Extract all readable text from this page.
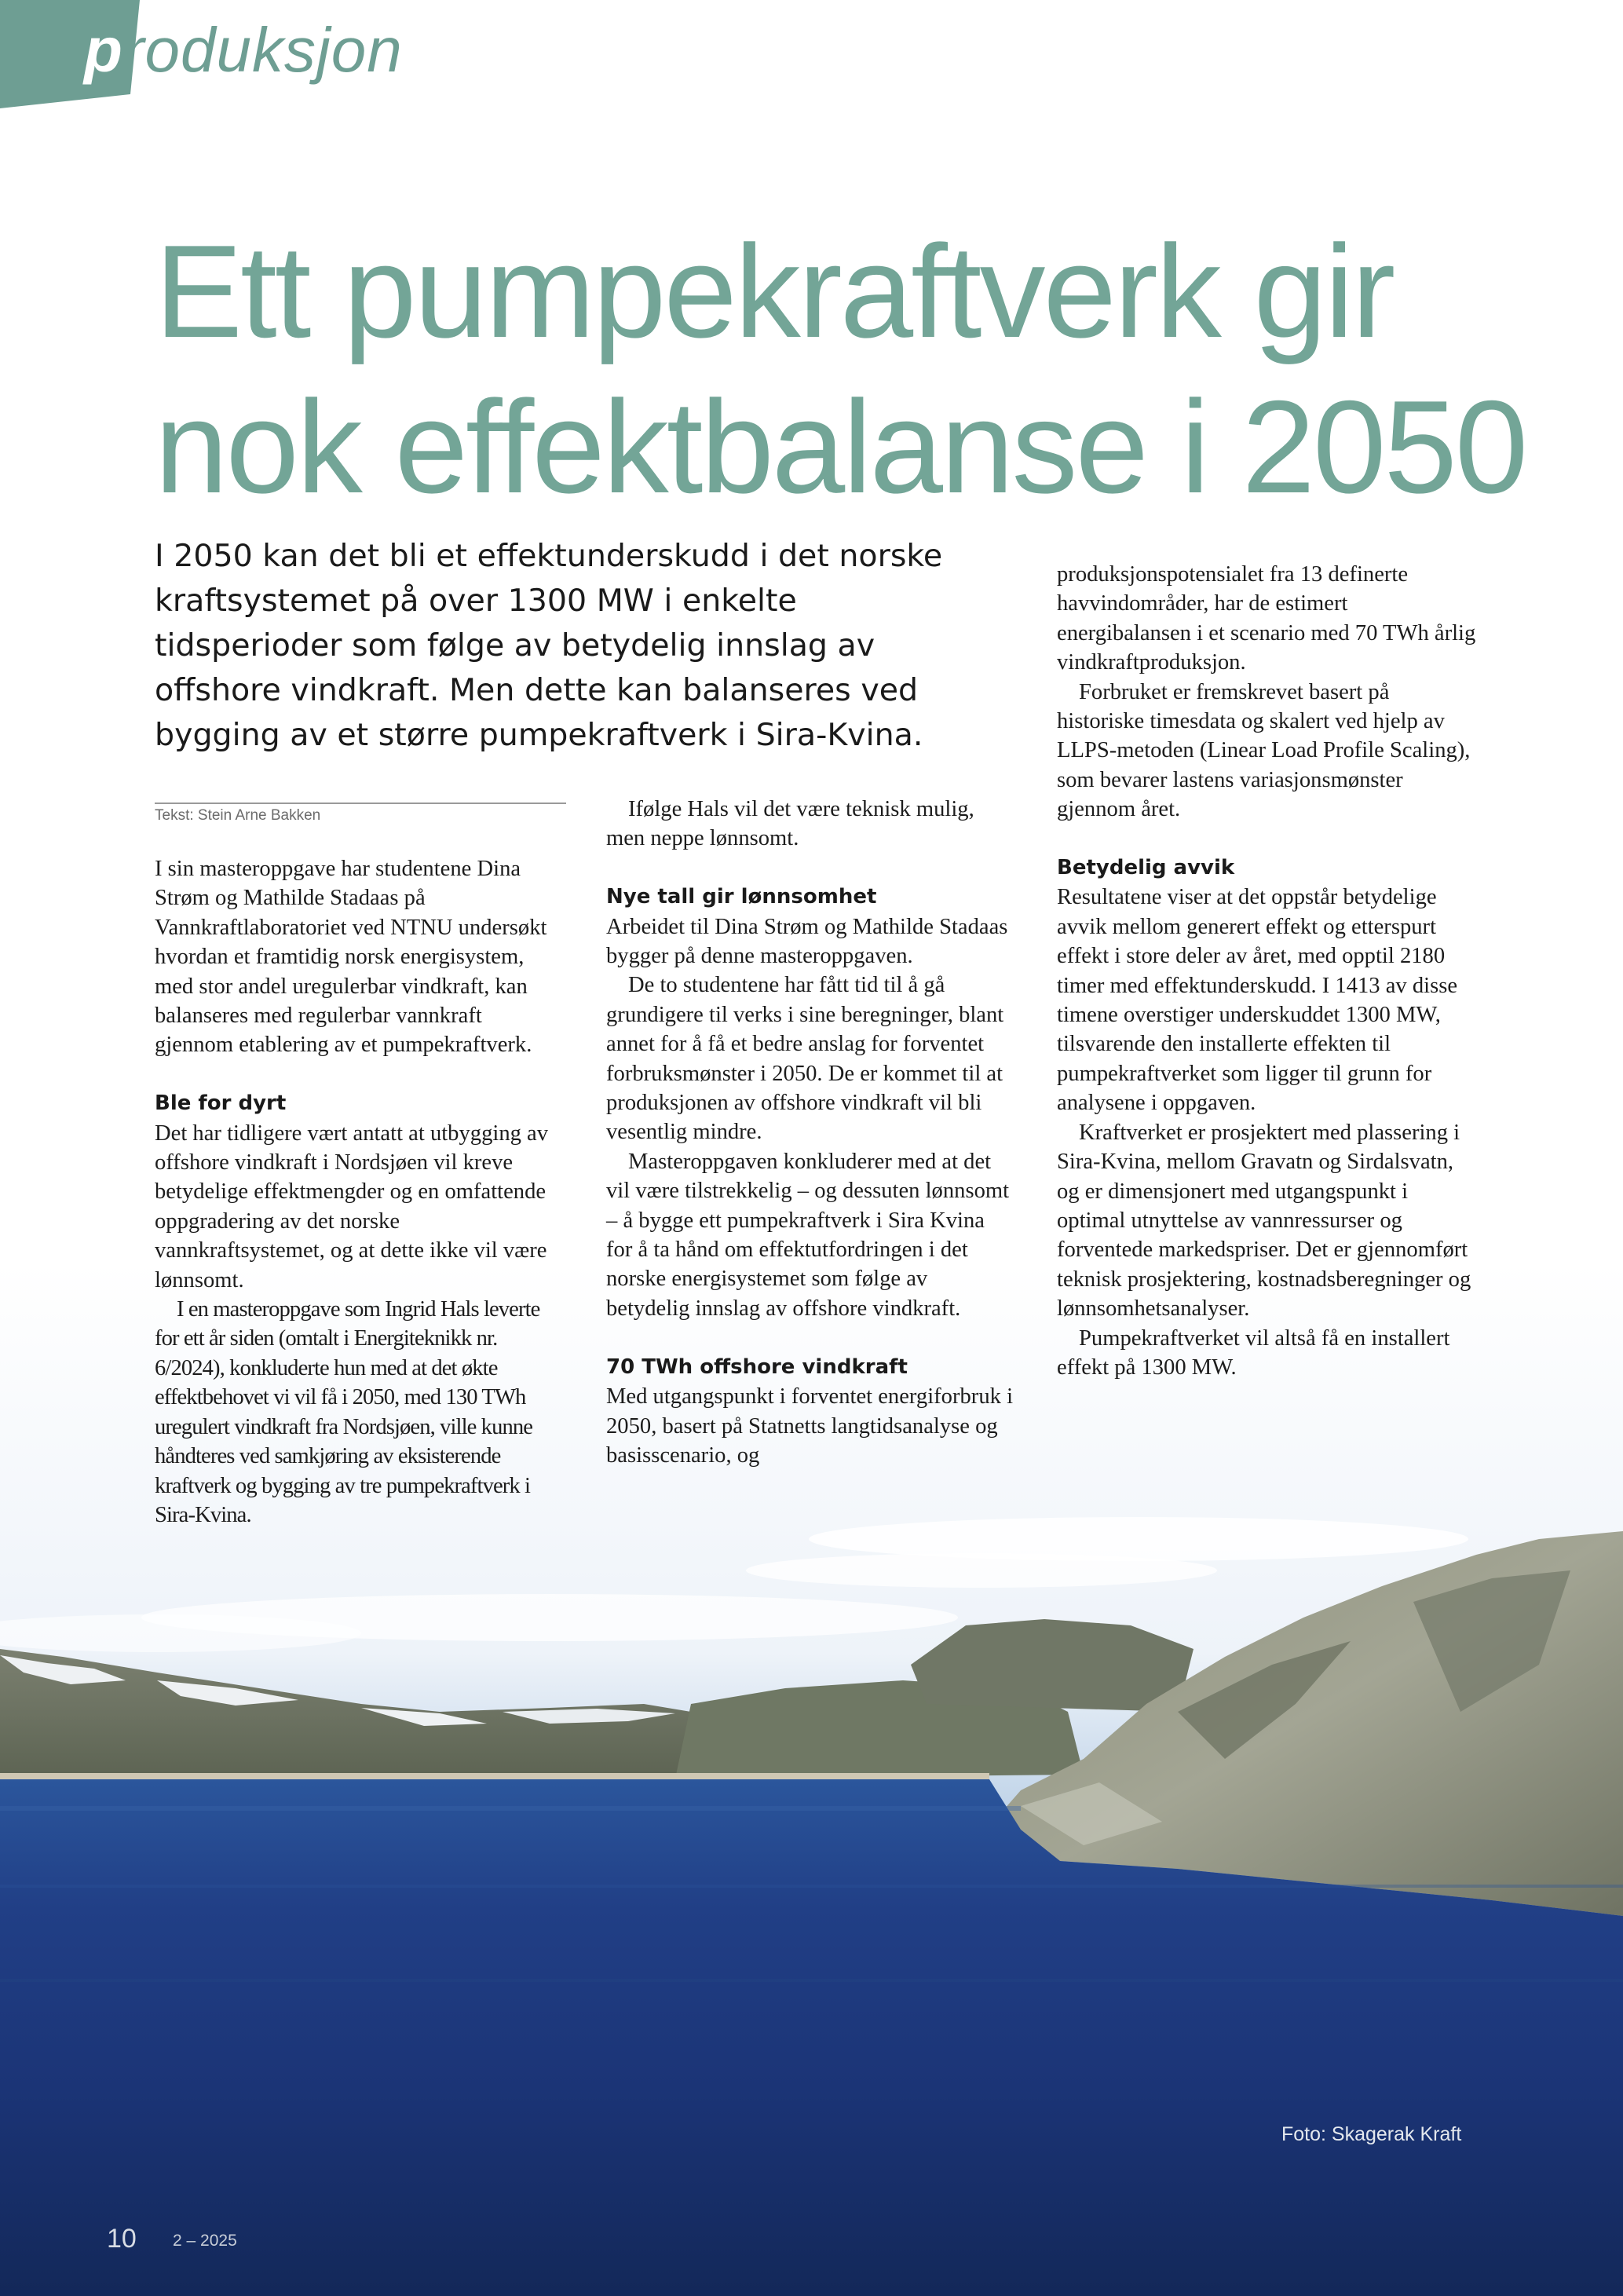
produksjon
Ett pumpekraftverk gir
nok effektbalanse i 2050

I 2050 kan det bli et effektunderskudd i det norske kraftsystemet på over 1300 MW i enkelte tidsperioder som følge av betydelig innslag av offshore vindkraft. Men dette kan balanseres ved bygging av et større pumpekraftverk i Sira-Kvina.

Tekst: Stein Arne Bakken

I sin masteroppgave har studentene Dina Strøm og Mathilde Stadaas på Vannkraftlaboratoriet ved NTNU undersøkt hvordan et framtidig norsk energisystem, med stor andel uregulerbar vindkraft, kan balanseres med regulerbar vannkraft gjennom etablering av et pumpekraftverk.

Ble for dyrt

Det har tidligere vært antatt at utbygging av offshore vindkraft i Nordsjøen vil kreve betydelige effektmengder og en omfattende oppgradering av det norske vannkraftsystemet, og at dette ikke vil være lønnsomt.

I en masteroppgave som Ingrid Hals leverte for ett år siden (omtalt i Energiteknikk nr. 6/2024), konkluderte hun med at det økte effektbehovet vi vil få i 2050, med 130 TWh uregulert vindkraft fra Nordsjøen, ville kunne håndteres ved samkjøring av eksisterende kraftverk og bygging av tre pumpekraftverk i Sira-Kvina.

Ifølge Hals vil det være teknisk mulig, men neppe lønnsomt.

Nye tall gir lønnsomhet

Arbeidet til Dina Strøm og Mathilde Stadaas bygger på denne masteroppgaven.

De to studentene har fått tid til å gå grundigere til verks i sine beregninger, blant annet for å få et bedre anslag for forventet forbruksmønster i 2050. De er kommet til at produksjonen av offshore vindkraft vil bli vesentlig mindre.

Masteroppgaven konkluderer med at det vil være tilstrekkelig – og dessuten lønnsomt – å bygge ett pumpekraftverk i Sira Kvina for å ta hånd om effektutfordringen i det norske energisystemet som følge av betydelig innslag av offshore vindkraft.

70 TWh offshore vindkraft

Med utgangspunkt i forventet energiforbruk i 2050, basert på Statnetts langtidsanalyse og basisscenario, og

produksjonspotensialet fra 13 definerte havvindområder, har de estimert energibalansen i et scenario med 70 TWh årlig vindkraftproduksjon.

Forbruket er fremskrevet basert på historiske timesdata og skalert ved hjelp av LLPS-metoden (Linear Load Profile Scaling), som bevarer lastens variasjonsmønster gjennom året.

Betydelig avvik

Resultatene viser at det oppstår betydelige avvik mellom generert effekt og etterspurt effekt i store deler av året, med opptil 2180 timer med effektunderskudd. I 1413 av disse timene overstiger underskuddet 1300 MW, tilsvarende den installerte effekten til pumpekraftverket som ligger til grunn for analysene i oppgaven.

Kraftverket er prosjektert med plassering i Sira-Kvina, mellom Gravatn og Sirdalsvatn, og er dimensjonert med utgangspunkt i optimal utnyttelse av vannressurser og forventede markedspriser. Det er gjennomført teknisk prosjektering, kostnadsberegninger og lønnsomhetsanalyser.

Pumpekraftverket vil altså få en installert effekt på 1300 MW.

Foto: Skagerak Kraft
10 2 – 2025
